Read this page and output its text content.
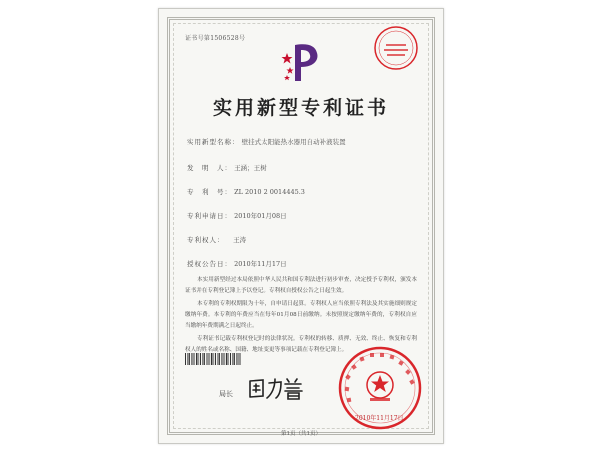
证书号第1506528号
实用新型专利证书
实用新型名称： 壁挂式太阳能热水器用自动补液装置
发　明　人： 王涵；王树
专　利　号： ZL 2010 2 0014445.3
专利申请日： 2010年01月08日
专利权人： 王涛
授权公告日： 2010年11月17日

本实用新型经过本局依照中华人民共和国专利法进行初步审查，决定授予专利权，颁发本证书并在专利登记簿上予以登记。专利权自授权公告之日起生效。

本专利的专利权期限为十年，自申请日起算。专利权人应当依照专利法及其实施细则规定缴纳年费。本专利的年费应当在每年01月08日前缴纳。未按照规定缴纳年费的，专利权自应当缴纳年费期满之日起终止。

专利证书记载专利权登记时的法律状况。专利权的转移、质押、无效、终止、恢复和专利权人的姓名或名称、国籍、地址变更等事项记载在专利登记簿上。

局长
2010年11月17日
第1页（共1页）
